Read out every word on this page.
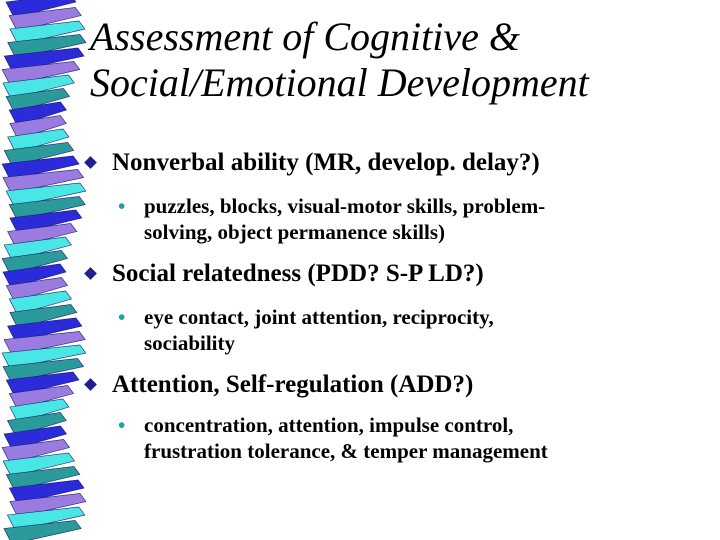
Assessment of Cognitive &
Social/Emotional Development
Nonverbal ability (MR, develop. delay?)
• puzzles, blocks, visual-motor skills, problem-
solving, object permanence skills)
Social relatedness (PDD? S-P LD?)
• eye contact, joint attention, reciprocity,
sociability
Attention, Self-regulation (ADD?)
• concentration, attention, impulse control,
frustration tolerance, & temper management
